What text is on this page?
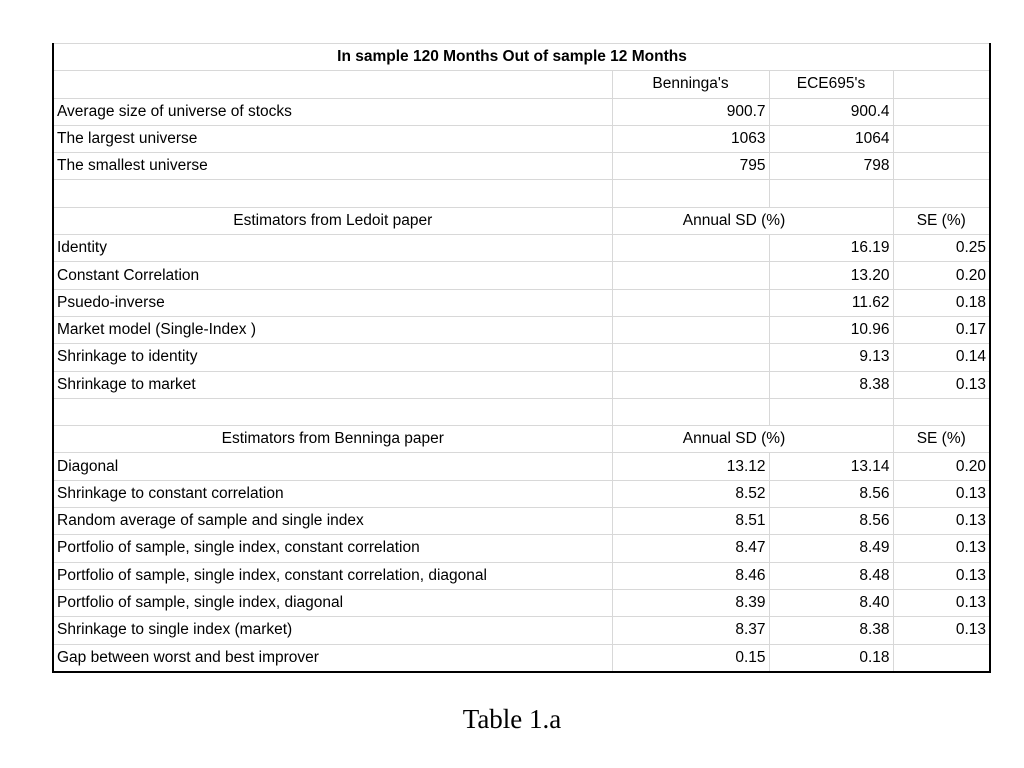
In sample 120 Months Out of sample 12 Months			
	Benninga's	ECE695's	
Average size of universe of stocks	900.7	900.4	
The largest universe	1063	1064	
The smallest universe	795	798	

Estimators from Ledoit paper	Annual SD (%)		SE (%)
Identity		16.19	0.25
Constant Correlation		13.20	0.20
Psuedo-inverse		11.62	0.18
Market model (Single-Index )		10.96	0.17
Shrinkage to identity		9.13	0.14
Shrinkage to market		8.38	0.13

Estimators from Benninga paper	Annual SD (%)		SE (%)
Diagonal	13.12	13.14	0.20
Shrinkage to constant correlation	8.52	8.56	0.13
Random average of sample and single index	8.51	8.56	0.13
Portfolio of sample, single index, constant correlation	8.47	8.49	0.13
Portfolio of sample, single index, constant correlation, diagonal	8.46	8.48	0.13
Portfolio of sample, single index, diagonal	8.39	8.40	0.13
Shrinkage to single index (market)	8.37	8.38	0.13
Gap between worst and best improver	0.15	0.18	
Table 1.a
